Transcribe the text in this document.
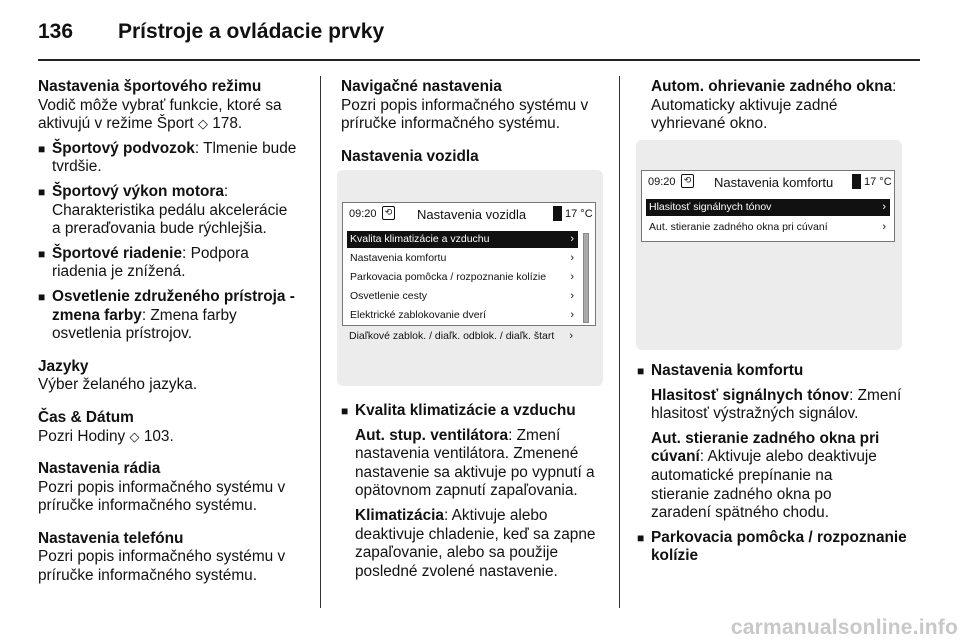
136 Prístroje a ovládacie prvky

Nastavenia športového režimu

Vodič môže vybrať funkcie, ktoré sa

aktivujú v režime Šport ◇ 178.

■ Športový podvozok: Tlmenie bude

tvrdšie.

■ Športový výkon motora:

Charakteristika pedálu akcelerácie

a preraďovania bude rýchlejšia.

■ Športové riadenie: Podpora

riadenia je znížená.

■ Osvetlenie združeného prístroja -

zmena farby: Zmena farby

osvetlenia prístrojov.

Jazyky

Výber želaného jazyka.

Čas & Dátum

Pozri Hodiny ◇ 103.

Nastavenia rádia

Pozri popis informačného systému v

príručke informačného systému.

Nastavenia telefónu

Pozri popis informačného systému v

príručke informačného systému.

Navigačné nastavenia

Pozri popis informačného systému v

príručke informačného systému.

Nastavenia vozidla

09:20 ⟲ Nastavenia vozidla	17 °C
Kvalita klimatizácie a vzduchu	›
Nastavenia komfortu	›
Parkovacia pomôcka / rozpoznanie kolízie ›
Osvetlenie cesty	›
Elektrické zablokovanie dverí	›
Diaľkové zablok. / diaľk. odblok. / diaľk. štart ›
■ Kvalita klimatizácie a vzduchu

Aut. stup. ventilátora: Zmení

nastavenia ventilátora. Zmenené

nastavenie sa aktivuje po vypnutí a

opätovnom zapnutí zapaľovania.

Klimatizácia: Aktivuje alebo

deaktivuje chladenie, keď sa zapne

zapaľovanie, alebo sa použije

posledné zvolené nastavenie.

Autom. ohrievanie zadného okna:

Automaticky aktivuje zadné

vyhrievané okno.

09:20 ⟲ Nastavenia komfortu	17 °C
Hlasitosť signálnych tónov	›
Aut. stieranie zadného okna pri cúvaní	›
■ Nastavenia komfortu

Hlasitosť signálnych tónov: Zmení

hlasitosť výstražných signálov.

Aut. stieranie zadného okna pri

cúvaní: Aktivuje alebo deaktivuje

automatické prepínanie na

stieranie zadného okna po

zaradení spätného chodu.

■ Parkovacia pomôcka / rozpoznanie

kolízie

carmanualsonline.info
